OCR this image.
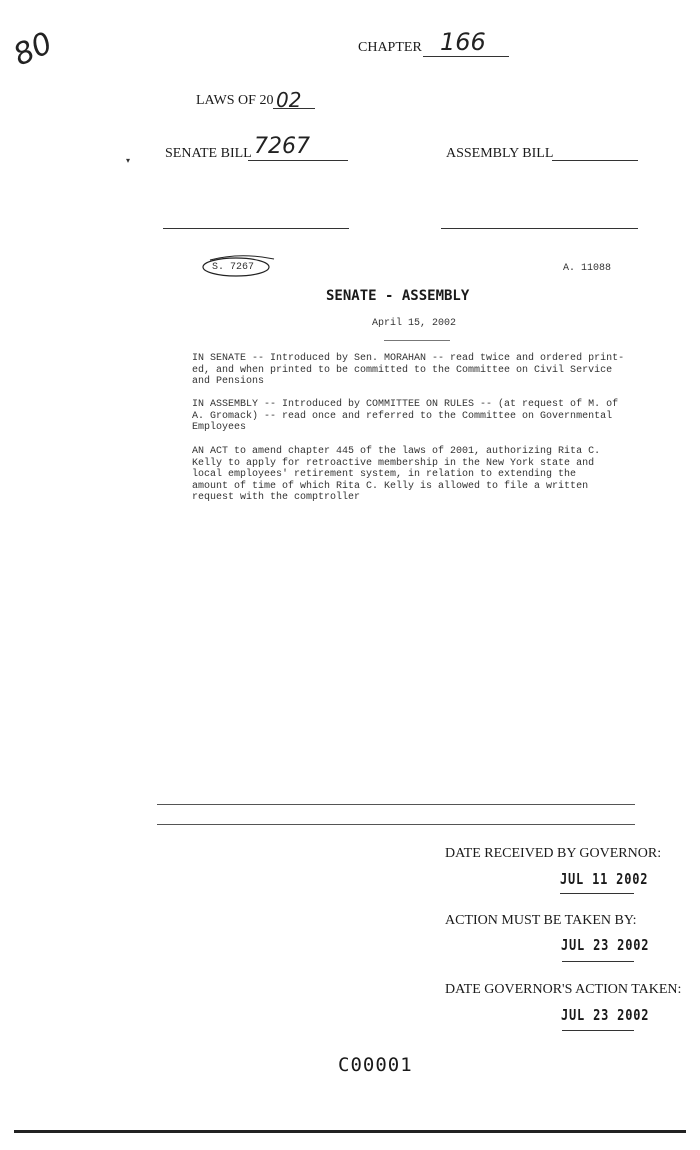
80	CHAPTER 166
LAWS OF 20 02
▾ SENATE BILL 7267	ASSEMBLY BILL
S. 7267	A. 11088
SENATE - ASSEMBLY
April 15, 2002
IN SENATE -- Introduced by Sen. MORAHAN -- read twice and ordered print-
ed, and when printed to be committed to the Committee on Civil Service
and Pensions
IN ASSEMBLY -- Introduced by COMMITTEE ON RULES -- (at request of M. of
A. Gromack) -- read once and referred to the Committee on Governmental
Employees
AN ACT to amend chapter 445 of the laws of 2001, authorizing Rita C.
Kelly to apply for retroactive membership in the New York state and
local employees' retirement system, in relation to extending the
amount of time of which Rita C. Kelly is allowed to file a written
request with the comptroller
DATE RECEIVED BY GOVERNOR:
JUL 11 2002
ACTION MUST BE TAKEN BY:
JUL 23 2002
DATE GOVERNOR'S ACTION TAKEN:
JUL 23 2002
C00001
